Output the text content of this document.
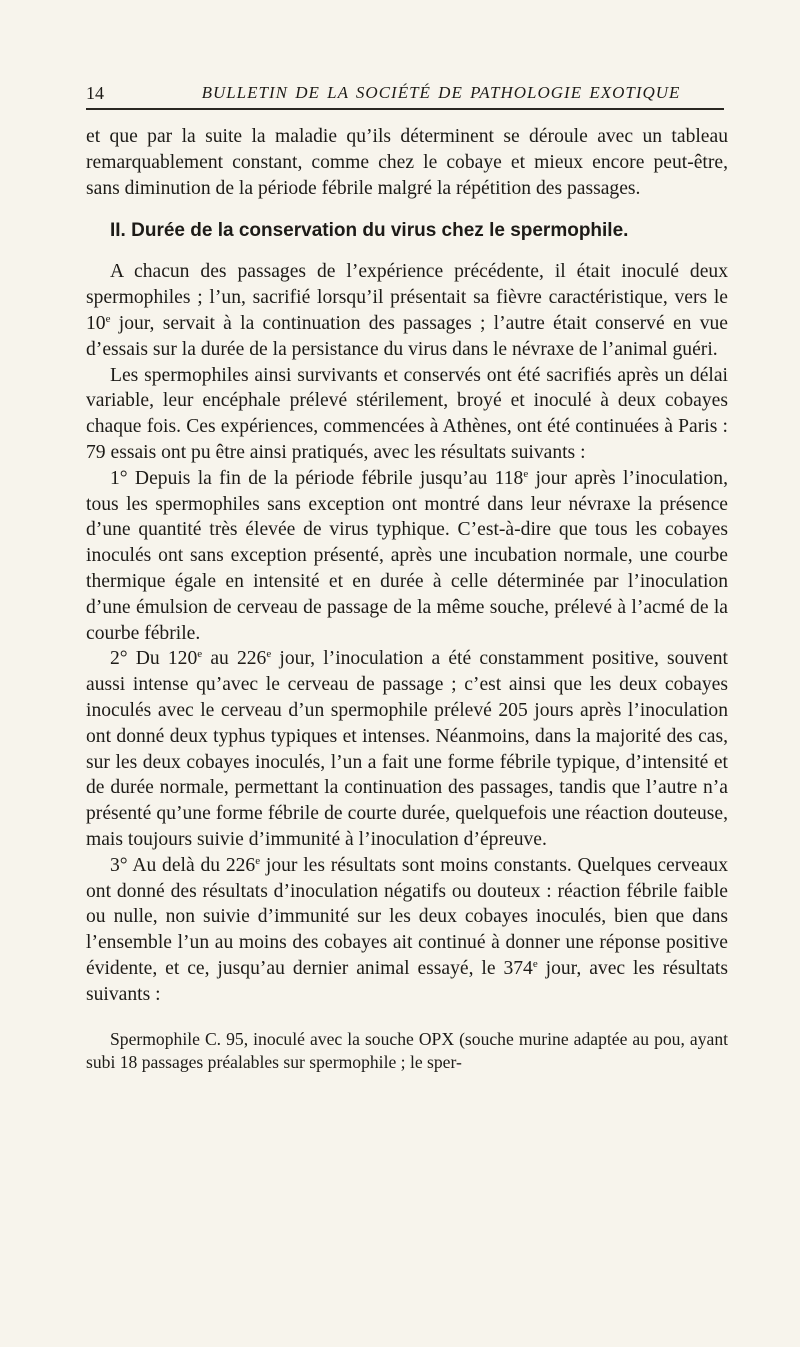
14	BULLETIN DE LA SOCIÉTÉ DE PATHOLOGIE EXOTIQUE

et que par la suite la maladie qu’ils déterminent se déroule avec un tableau remarquablement constant, comme chez le cobaye et mieux encore peut-être, sans diminution de la période fébrile malgré la répétition des passages.

II. Durée de la conservation du virus chez le spermophile.

A chacun des passages de l’expérience précédente, il était inoculé deux spermophiles ; l’un, sacrifié lorsqu’il présentait sa fièvre caractéristique, vers le 10e jour, servait à la continuation des passages ; l’autre était conservé en vue d’essais sur la durée de la persistance du virus dans le névraxe de l’animal guéri.

Les spermophiles ainsi survivants et conservés ont été sacrifiés après un délai variable, leur encéphale prélevé stérilement, broyé et inoculé à deux cobayes chaque fois. Ces expériences, commencées à Athènes, ont été continuées à Paris : 79 essais ont pu être ainsi pratiqués, avec les résultats suivants :

1° Depuis la fin de la période fébrile jusqu’au 118e jour après l’inoculation, tous les spermophiles sans exception ont montré dans leur névraxe la présence d’une quantité très élevée de virus typhique. C’est-à-dire que tous les cobayes inoculés ont sans exception présenté, après une incubation normale, une courbe thermique égale en intensité et en durée à celle déterminée par l’inoculation d’une émulsion de cerveau de passage de la même souche, prélevé à l’acmé de la courbe fébrile.

2° Du 120e au 226e jour, l’inoculation a été constamment positive, souvent aussi intense qu’avec le cerveau de passage ; c’est ainsi que les deux cobayes inoculés avec le cerveau d’un spermophile prélevé 205 jours après l’inoculation ont donné deux typhus typiques et intenses. Néanmoins, dans la majorité des cas, sur les deux cobayes inoculés, l’un a fait une forme fébrile typique, d’intensité et de durée normale, permettant la continuation des passages, tandis que l’autre n’a présenté qu’une forme fébrile de courte durée, quelquefois une réaction douteuse, mais toujours suivie d’immunité à l’inoculation d’épreuve.

3° Au delà du 226e jour les résultats sont moins constants. Quelques cerveaux ont donné des résultats d’inoculation négatifs ou douteux : réaction fébrile faible ou nulle, non suivie d’immunité sur les deux cobayes inoculés, bien que dans l’ensemble l’un au moins des cobayes ait continué à donner une réponse positive évidente, et ce, jusqu’au dernier animal essayé, le 374e jour, avec les résultats suivants :

Spermophile C. 95, inoculé avec la souche OPX (souche murine adaptée au pou, ayant subi 18 passages préalables sur spermophile ; le sper-
